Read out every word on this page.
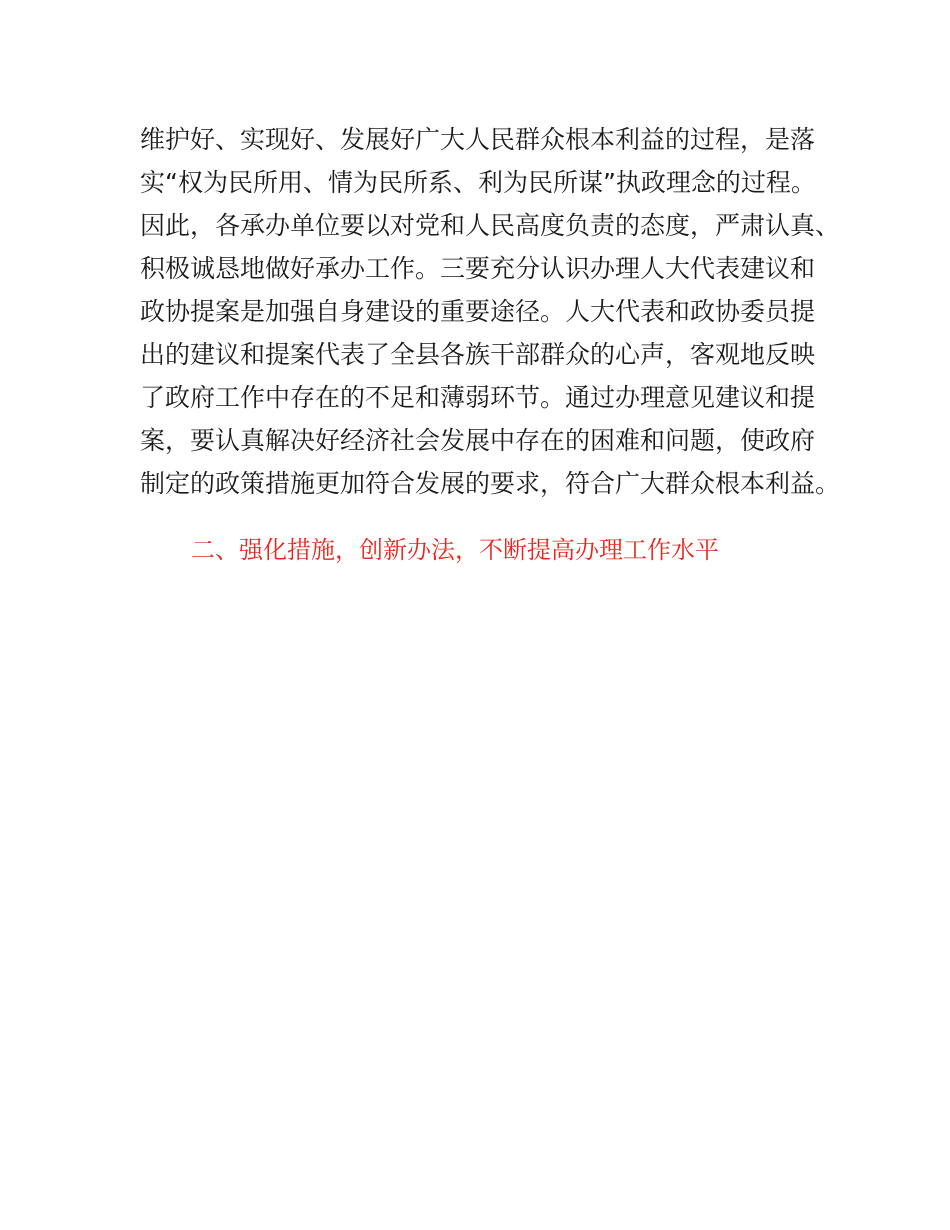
维护好、实现好、发展好广大人民群众根本利益的过程，是落
实“权为民所用、情为民所系、利为民所谋”执政理念的过程。
因此，各承办单位要以对党和人民高度负责的态度，严肃认真、
积极诚恳地做好承办工作。三要充分认识办理人大代表建议和
政协提案是加强自身建设的重要途径。人大代表和政协委员提
出的建议和提案代表了全县各族干部群众的心声，客观地反映
了政府工作中存在的不足和薄弱环节。通过办理意见建议和提
案，要认真解决好经济社会发展中存在的困难和问题，使政府
制定的政策措施更加符合发展的要求，符合广大群众根本利益。
二、强化措施，创新办法，不断提高办理工作水平
